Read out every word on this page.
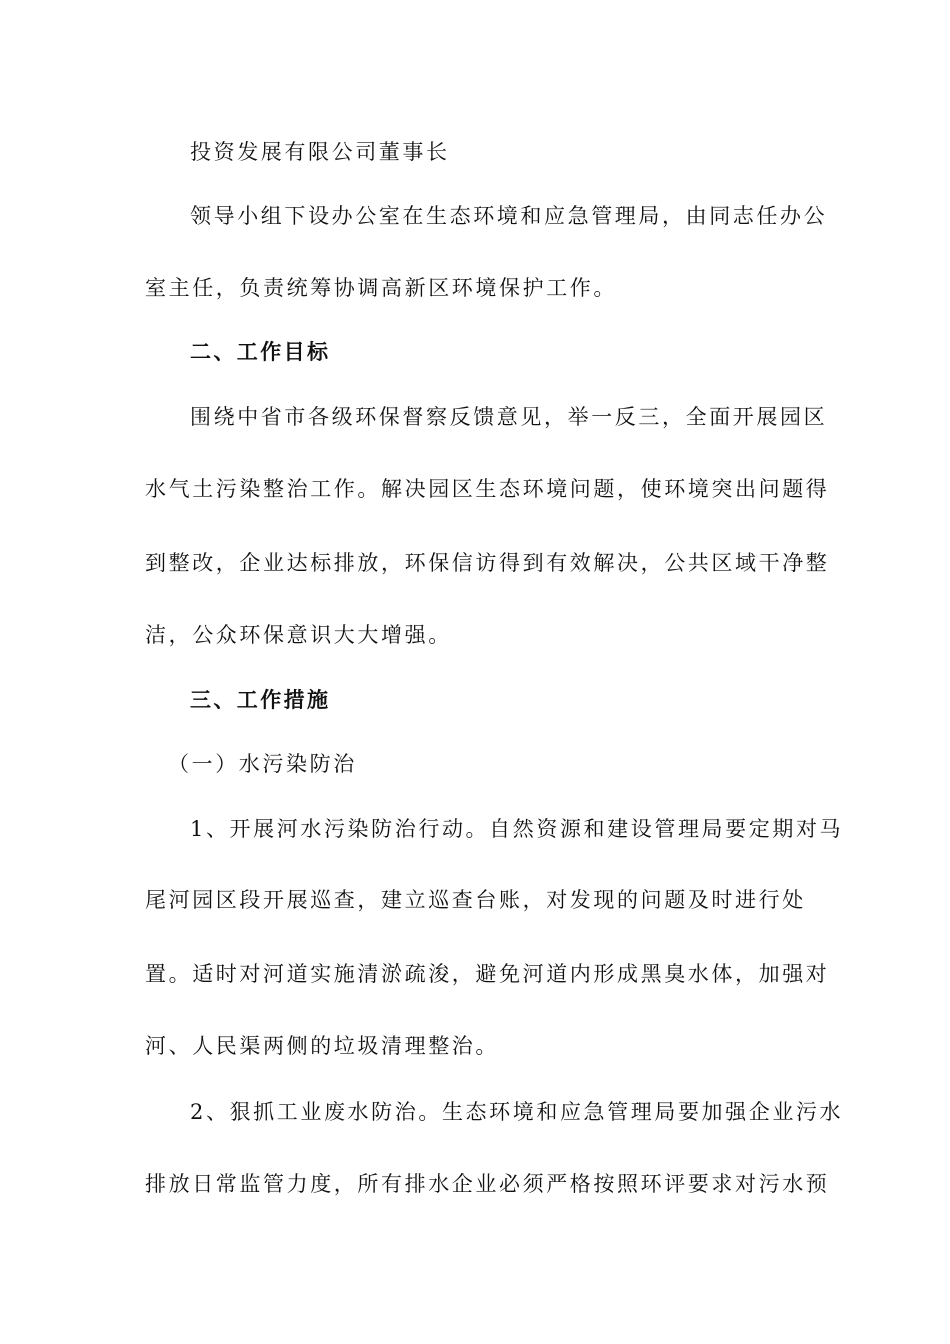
投资发展有限公司董事长
领导小组下设办公室在生态环境和应急管理局，由同志任办公
室主任，负责统筹协调高新区环境保护工作。
二、工作目标
围绕中省市各级环保督察反馈意见，举一反三，全面开展园区
水气土污染整治工作。解决园区生态环境问题，使环境突出问题得
到整改，企业达标排放，环保信访得到有效解决，公共区域干净整
洁，公众环保意识大大增强。
三、工作措施
（一）水污染防治
1、开展河水污染防治行动。自然资源和建设管理局要定期对马
尾河园区段开展巡查，建立巡查台账，对发现的问题及时进行处
置。适时对河道实施清淤疏浚，避免河道内形成黑臭水体，加强对
河、人民渠两侧的垃圾清理整治。
2、狠抓工业废水防治。生态环境和应急管理局要加强企业污水
排放日常监管力度，所有排水企业必须严格按照环评要求对污水预
